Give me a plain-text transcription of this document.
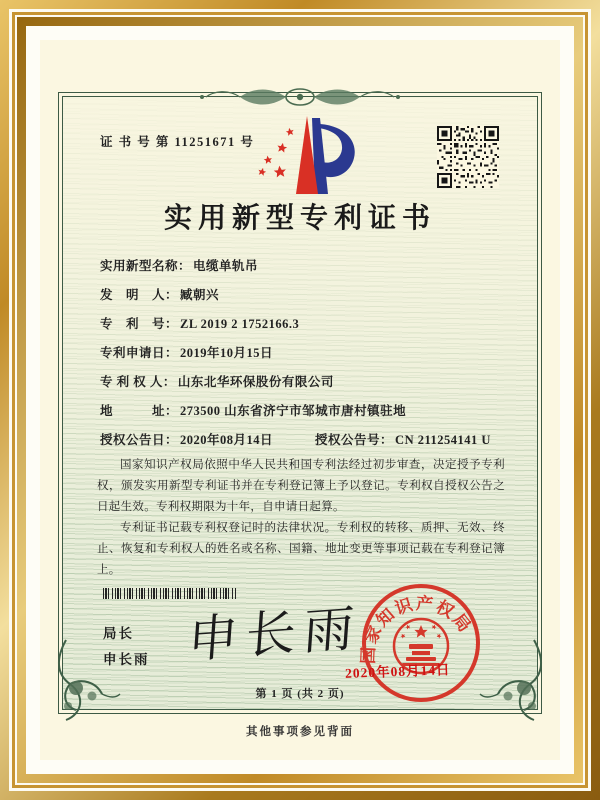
证 书 号 第 11251671 号
实用新型专利证书
实用新型名称： 电缆单轨吊
发　明　人： 臧朝兴
专　利　号： ZL 2019 2 1752166.3
专利申请日： 2019年10月15日
专 利 权 人： 山东北华环保股份有限公司
地　　　址： 273500 山东省济宁市邹城市唐村镇驻地
授权公告日： 2020年08月14日	授权公告号： CN 211254141 U

国家知识产权局依照中华人民共和国专利法经过初步审查，决定授予专利权，颁发实用新型专利证书并在专利登记簿上予以登记。专利权自授权公告之日起生效。专利权期限为十年，自申请日起算。

专利证书记载专利权登记时的法律状况。专利权的转移、质押、无效、终止、恢复和专利权人的姓名或名称、国籍、地址变更等事项记载在专利登记簿上。

局长
申长雨 申长雨
国家知识产权局
2020年08月14日
第 1 页 (共 2 页)
其他事项参见背面
